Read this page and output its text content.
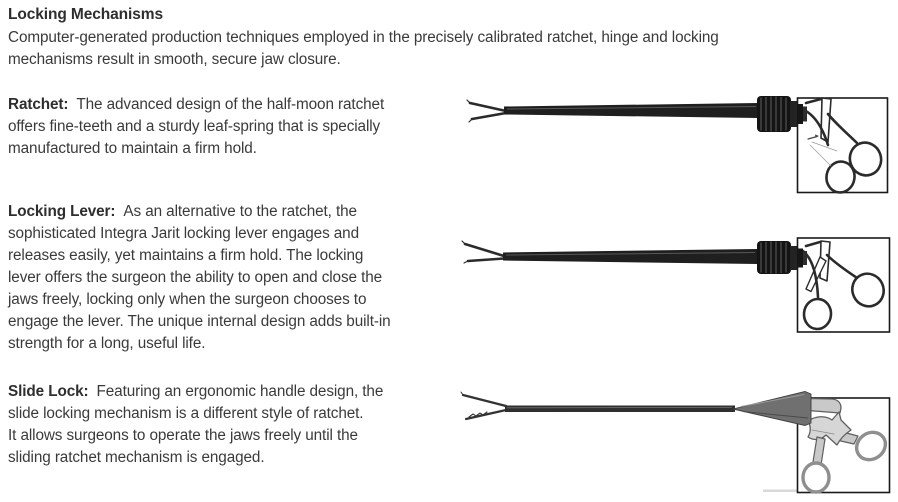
Locking Mechanisms
Computer-generated production techniques employed in the precisely calibrated ratchet, hinge and locking
mechanisms result in smooth, secure jaw closure.
Ratchet: The advanced design of the half-moon ratchet
offers fine-teeth and a sturdy leaf-spring that is specially
manufactured to maintain a firm hold.
Locking Lever: As an alternative to the ratchet, the
sophisticated Integra Jarit locking lever engages and
releases easily, yet maintains a firm hold. The locking
lever offers the surgeon the ability to open and close the
jaws freely, locking only when the surgeon chooses to
engage the lever. The unique internal design adds built-in
strength for a long, useful life.
Slide Lock: Featuring an ergonomic handle design, the
slide locking mechanism is a different style of ratchet.
It allows surgeons to operate the jaws freely until the
sliding ratchet mechanism is engaged.
